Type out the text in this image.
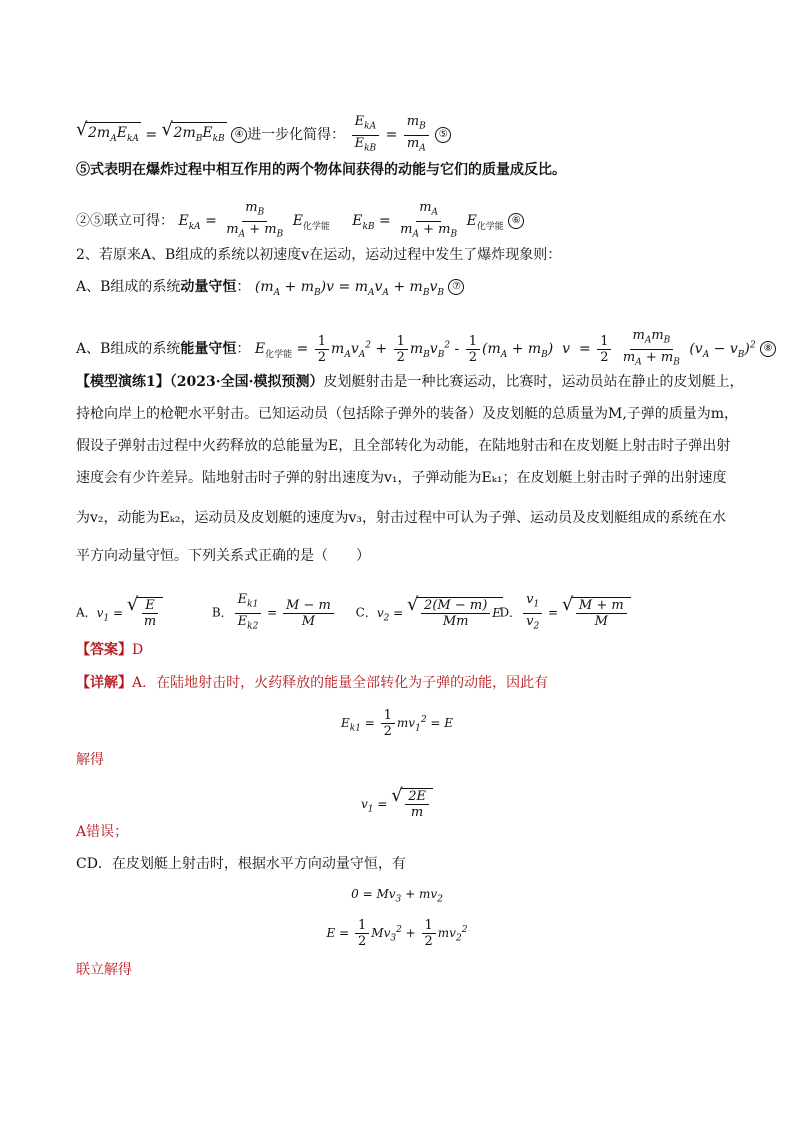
√ $2m_AE_{kA}$ = √ $2m_BE_{kB}$ ④ 进一步化简得： $\frac{E_{kA}}{E_{kB}} = \frac{m_B}{m_A}$ ⑤
⑤式表明在爆炸过程中相互作用的两个物体间获得的动能与它们的质量成反比。
②⑤联立可得： $E_{kA} = \frac{m_B}{m_A + m_B} E_{化学能}$ $E_{kB} = \frac{m_A}{m_A + m_B} E_{化学能}$ ⑥
2、若原来A、B组成的系统以初速度v在运动，运动过程中发生了爆炸现象则：
A、B组成的系统动量守恒： $(m_A + m_B)v = m_Av_A + m_Bv_B$ ⑦
A、B组成的系统能量守恒： $E_{化学能} = \frac{1}{2} m_Av_A^2 + \frac{1}{2} m_Bv_B^2 - \frac{1}{2} (m_A + m_B) v = \frac{1}{2}$
$\frac{m_Am_B}{m_A + m_B} (v_A - v_B)^2$ ⑧
【模型演练1】（2023·全国·模拟预测）皮划艇射击是一种比赛运动，比赛时，运动员站在静止的皮划艇上，
持枪向岸上的枪靶水平射击。已知运动员（包括除子弹外的装备）及皮划艇的总质量为M,子弹的质量为m，
假设子弹射击过程中火药释放的总能量为E，且全部转化为动能，在陆地射击和在皮划艇上射击时子弹出射
速度会有少许差异。陆地射击时子弹的射出速度为v₁，子弹动能为Eₖ₁；在皮划艇上射击时子弹的出射速度
为v₂，动能为Eₖ₂，运动员及皮划艇的速度为v₃，射击过程中可认为子弹、运动员及皮划艇组成的系统在水
平方向动量守恒。下列关系式正确的是（　　）
A．$v_1$ = √ $\frac{E}{m}$	B． $\frac{E_{k1}}{E_{k2}} = \frac{M - m}{M}$ C．$v_2$ = √ $\frac{2(M - m)}{Mm}$ E D． $\frac{v_1}{v_2}$ = √ $\frac{M + m}{M}$
【答案】D
【详解】A．在陆地射击时，火药释放的能量全部转化为子弹的动能，因此有
$E_{k1} = \frac{1}{2} mv_1^2 = E$
解得
$v_1$ = √ $\frac{2E}{m}$
A错误；
CD．在皮划艇上射击时，根据水平方向动量守恒，有
$0 = Mv_3 + mv_2$
$E = \frac{1}{2} Mv_3^2 + \frac{1}{2} mv_2^2$
联立解得
